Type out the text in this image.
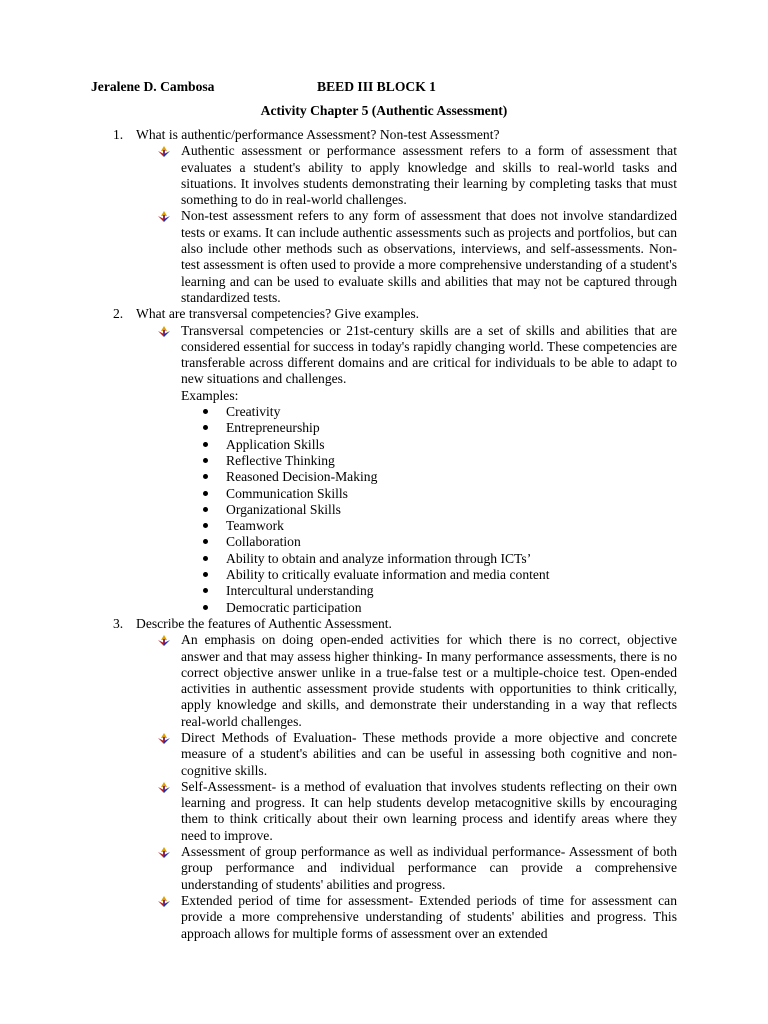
Jeralene D. Cambosa	BEED III BLOCK 1
Activity Chapter 5 (Authentic Assessment)
1. What is authentic/performance Assessment? Non-test Assessment?
Authentic assessment or performance assessment refers to a form of assessment that evaluates a student's ability to apply knowledge and skills to real-world tasks and situations. It involves students demonstrating their learning by completing tasks that must something to do in real-world challenges.
Non-test assessment refers to any form of assessment that does not involve standardized tests or exams. It can include authentic assessments such as projects and portfolios, but can also include other methods such as observations, interviews, and self-assessments. Non-test assessment is often used to provide a more comprehensive understanding of a student's learning and can be used to evaluate skills and abilities that may not be captured through standardized tests.
2. What are transversal competencies? Give examples.
Transversal competencies or 21st-century skills are a set of skills and abilities that are considered essential for success in today's rapidly changing world. These competencies are transferable across different domains and are critical for individuals to be able to adapt to new situations and challenges.
Examples:
Creativity
Entrepreneurship
Application Skills
Reflective Thinking
Reasoned Decision-Making
Communication Skills
Organizational Skills
Teamwork
Collaboration
Ability to obtain and analyze information through ICTs’
Ability to critically evaluate information and media content
Intercultural understanding
Democratic participation
3. Describe the features of Authentic Assessment.
An emphasis on doing open-ended activities for which there is no correct, objective answer and that may assess higher thinking- In many performance assessments, there is no correct objective answer unlike in a true-false test or a multiple-choice test. Open-ended activities in authentic assessment provide students with opportunities to think critically, apply knowledge and skills, and demonstrate their understanding in a way that reflects real-world challenges.
Direct Methods of Evaluation- These methods provide a more objective and concrete measure of a student's abilities and can be useful in assessing both cognitive and non-cognitive skills.
Self-Assessment- is a method of evaluation that involves students reflecting on their own learning and progress. It can help students develop metacognitive skills by encouraging them to think critically about their own learning process and identify areas where they need to improve.
Assessment of group performance as well as individual performance- Assessment of both group performance and individual performance can provide a comprehensive understanding of students' abilities and progress.
Extended period of time for assessment- Extended periods of time for assessment can provide a more comprehensive understanding of students' abilities and progress. This approach allows for multiple forms of assessment over an extended
